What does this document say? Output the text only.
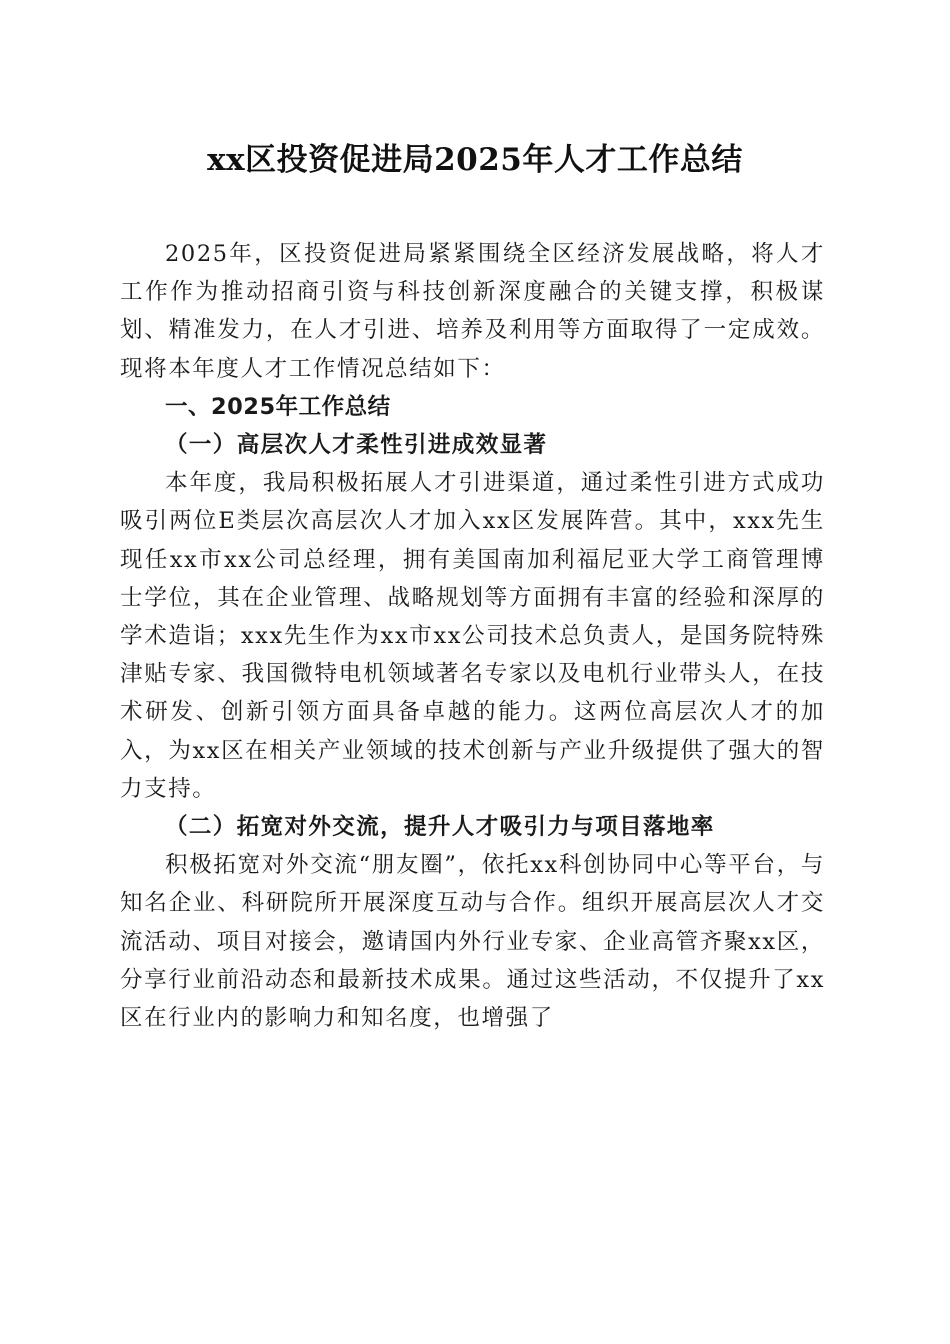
xx区投资促进局2025年人才工作总结

2025年，区投资促进局紧紧围绕全区经济发展战略，将人才工作作为推动招商引资与科技创新深度融合的关键支撑，积极谋划、精准发力，在人才引进、培养及利用等方面取得了一定成效。现将本年度人才工作情况总结如下：

一、2025年工作总结

（一）高层次人才柔性引进成效显著

本年度，我局积极拓展人才引进渠道，通过柔性引进方式成功吸引两位E类层次高层次人才加入xx区发展阵营。其中，xxx先生现任xx市xx公司总经理，拥有美国南加利福尼亚大学工商管理博士学位，其在企业管理、战略规划等方面拥有丰富的经验和深厚的学术造诣；xxx先生作为xx市xx公司技术总负责人，是国务院特殊津贴专家、我国微特电机领域著名专家以及电机行业带头人，在技术研发、创新引领方面具备卓越的能力。这两位高层次人才的加入，为xx区在相关产业领域的技术创新与产业升级提供了强大的智力支持。

（二）拓宽对外交流，提升人才吸引力与项目落地率

积极拓宽对外交流“朋友圈”，依托xx科创协同中心等平台，与知名企业、科研院所开展深度互动与合作。组织开展高层次人才交流活动、项目对接会，邀请国内外行业专家、企业高管齐聚xx区，分享行业前沿动态和最新技术成果。通过这些活动，不仅提升了xx区在行业内的影响力和知名度，也增强了
